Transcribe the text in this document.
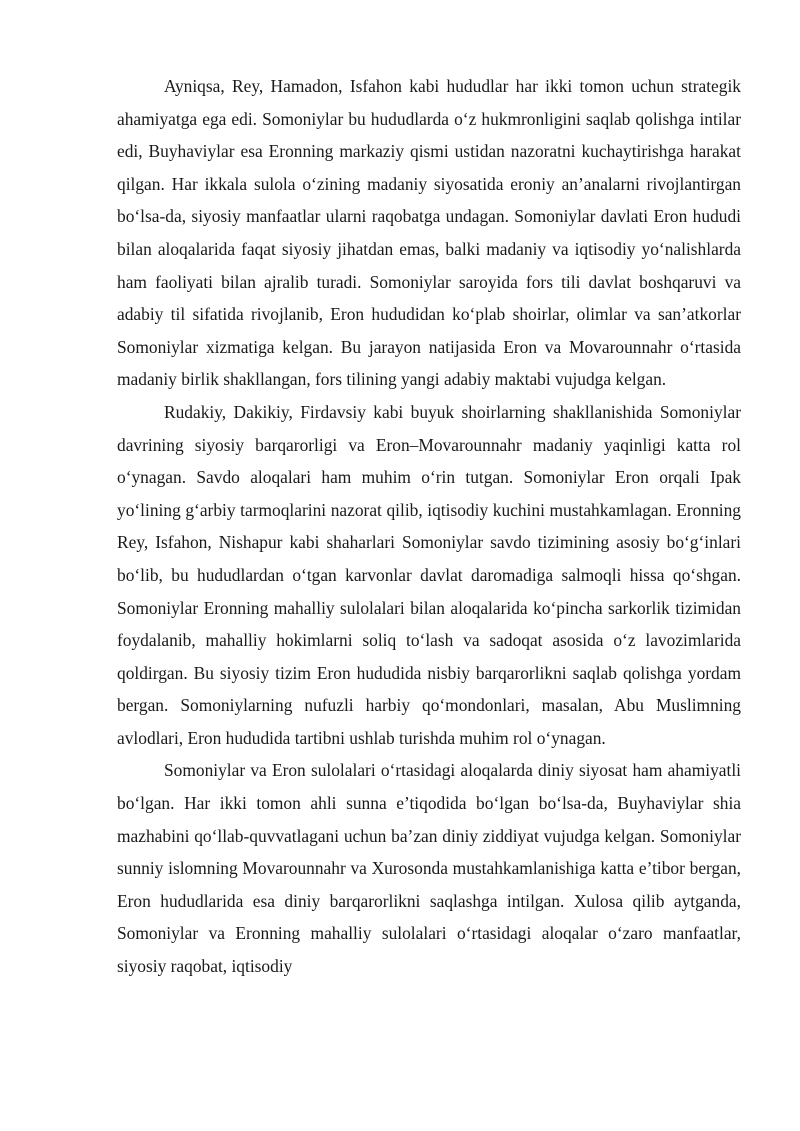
Ayniqsa, Rey, Hamadon, Isfahon kabi hududlar har ikki tomon uchun strategik ahamiyatga ega edi. Somoniylar bu hududlarda o‘z hukmronligini saqlab qolishga intilar edi, Buyhaviylar esa Eronning markaziy qismi ustidan nazoratni kuchaytirishga harakat qilgan. Har ikkala sulola o‘zining madaniy siyosatida eroniy an’analarni rivojlantirgan bo‘lsa-da, siyosiy manfaatlar ularni raqobatga undagan. Somoniylar davlati Eron hududi bilan aloqalarida faqat siyosiy jihatdan emas, balki madaniy va iqtisodiy yo‘nalishlarda ham faoliyati bilan ajralib turadi. Somoniylar saroyida fors tili davlat boshqaruvi va adabiy til sifatida rivojlanib, Eron hududidan ko‘plab shoirlar, olimlar va san’atkorlar Somoniylar xizmatiga kelgan. Bu jarayon natijasida Eron va Movarounnahr o‘rtasida madaniy birlik shakllangan, fors tilining yangi adabiy maktabi vujudga kelgan.

Rudakiy, Dakikiy, Firdavsiy kabi buyuk shoirlarning shakllanishida Somoniylar davrining siyosiy barqarorligi va Eron–Movarounnahr madaniy yaqinligi katta rol o‘ynagan. Savdo aloqalari ham muhim o‘rin tutgan. Somoniylar Eron orqali Ipak yo‘lining g‘arbiy tarmoqlarini nazorat qilib, iqtisodiy kuchini mustahkamlagan. Eronning Rey, Isfahon, Nishapur kabi shaharlari Somoniylar savdo tizimining asosiy bo‘g‘inlari bo‘lib, bu hududlardan o‘tgan karvonlar davlat daromadiga salmoqli hissa qo‘shgan. Somoniylar Eronning mahalliy sulolalari bilan aloqalarida ko‘pincha sarkorlik tizimidan foydalanib, mahalliy hokimlarni soliq to‘lash va sadoqat asosida o‘z lavozimlarida qoldirgan. Bu siyosiy tizim Eron hududida nisbiy barqarorlikni saqlab qolishga yordam bergan. Somoniylarning nufuzli harbiy qo‘mondonlari, masalan, Abu Muslimning avlodlari, Eron hududida tartibni ushlab turishda muhim rol o‘ynagan.

Somoniylar va Eron sulolalari o‘rtasidagi aloqalarda diniy siyosat ham ahamiyatli bo‘lgan. Har ikki tomon ahli sunna e’tiqodida bo‘lgan bo‘lsa-da, Buyhaviylar shia mazhabini qo‘llab-quvvatlagani uchun ba’zan diniy ziddiyat vujudga kelgan. Somoniylar sunniy islomning Movarounnahr va Xurosonda mustahkamlanishiga katta e’tibor bergan, Eron hududlarida esa diniy barqarorlikni saqlashga intilgan. Xulosa qilib aytganda, Somoniylar va Eronning mahalliy sulolalari o‘rtasidagi aloqalar o‘zaro manfaatlar, siyosiy raqobat, iqtisodiy
